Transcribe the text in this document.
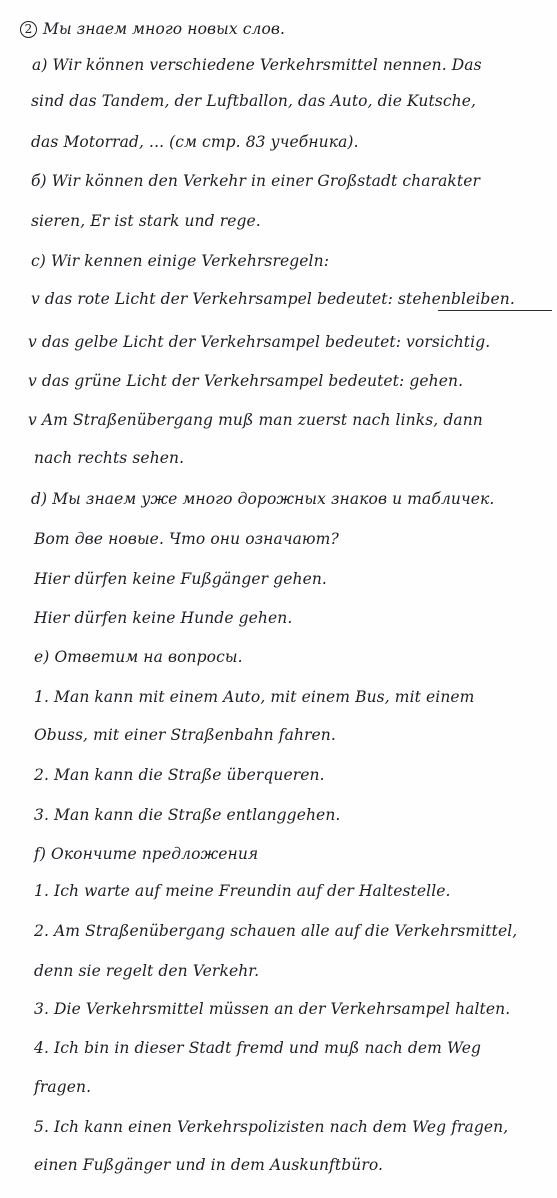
2 Мы знаем много новых слов.
a) Wir können verschiedene Verkehrsmittel nennen. Das
sind das Tandem, der Luftballon, das Auto, die Kutsche,
das Motorrad, ... (см стр. 83 учебника).
б) Wir können den Verkehr in einer Großstadt charakter
sieren, Er ist stark und rege.
c) Wir kennen einige Verkehrsregeln:
v das rote Licht der Verkehrsampel bedeutet: stehenbleiben.
v das gelbe Licht der Verkehrsampel bedeutet: vorsichtig.
v das grüne Licht der Verkehrsampel bedeutet: gehen.
v Am Straßenübergang muß man zuerst nach links, dann
nach rechts sehen.
d) Мы знаем уже много дорожных знаков и табличек.
Вот две новые. Что они означают?
Hier dürfen keine Fußgänger gehen.
Hier dürfen keine Hunde gehen.
e) Ответим на вопросы.
1. Man kann mit einem Auto, mit einem Bus, mit einem
Obuss, mit einer Straßenbahn fahren.
2. Man kann die Straße überqueren.
3. Man kann die Straße entlanggehen.
f) Окончите предложения
1. Ich warte auf meine Freundin auf der Haltestelle.
2. Am Straßenübergang schauen alle auf die Verkehrsmittel,
denn sie regelt den Verkehr.
3. Die Verkehrsmittel müssen an der Verkehrsampel halten.
4. Ich bin in dieser Stadt fremd und muß nach dem Weg
fragen.
5. Ich kann einen Verkehrspolizisten nach dem Weg fragen,
einen Fußgänger und in dem Auskunftbüro.
